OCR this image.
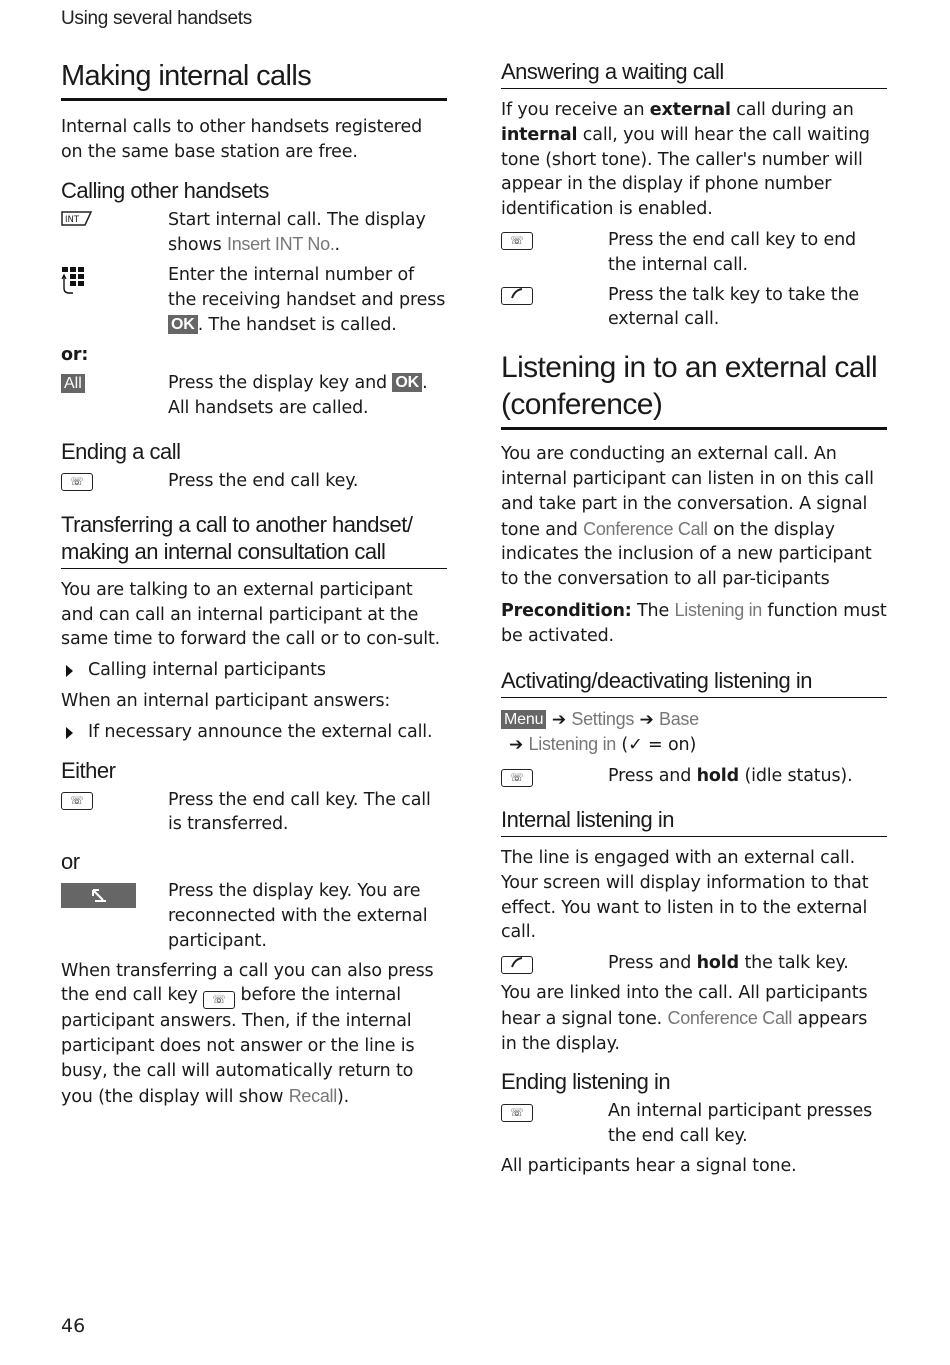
Using several handsets
Making internal calls

Internal calls to other handsets registered on the same base station are free.

Calling other handsets
INT	Start internal call. The display shows Insert INT No..
Enter the internal number of the receiving handset and press OK . The handset is called.
or:
All	Press the display key and OK . All handsets are called.
Ending a call
☏	Press the end call key.
Transferring a call to another handset/
making an internal consultation call

You are talking to an external participant and can call an internal participant at the same time to forward the call or to con-sult.

Calling internal participants

When an internal participant answers:

If necessary announce the external call.
Either
☏	Press the end call key. The call is transferred.
or
Press the display key. You are reconnected with the external participant.

When transferring a call you can also press the end call key ☏ before the internal participant answers. Then, if the internal participant does not answer or the line is busy, the call will automatically return to you (the display will show Recall).

Answering a waiting call

If you receive an external call during an internal call, you will hear the call waiting tone (short tone). The caller's number will appear in the display if phone number identification is enabled.

☏	Press the end call key to end the internal call.
Press the talk key to take the external call.
Listening in to an external call
(conference)

You are conducting an external call. An internal participant can listen in on this call and take part in the conversation. A signal tone and Conference Call on the display indicates the inclusion of a new participant to the conversation to all par-ticipants

Precondition: The Listening in function must be activated.

Activating/deactivating listening in
Menu ➔ Settings ➔ Base
➔ Listening in (✓ = on)
☏	Press and hold (idle status).
Internal listening in

The line is engaged with an external call. Your screen will display information to that effect. You want to listen in to the external call.

Press and hold the talk key.

You are linked into the call. All participants hear a signal tone. Conference Call appears in the display.

Ending listening in
☏	An internal participant presses the end call key.

All participants hear a signal tone.

46
